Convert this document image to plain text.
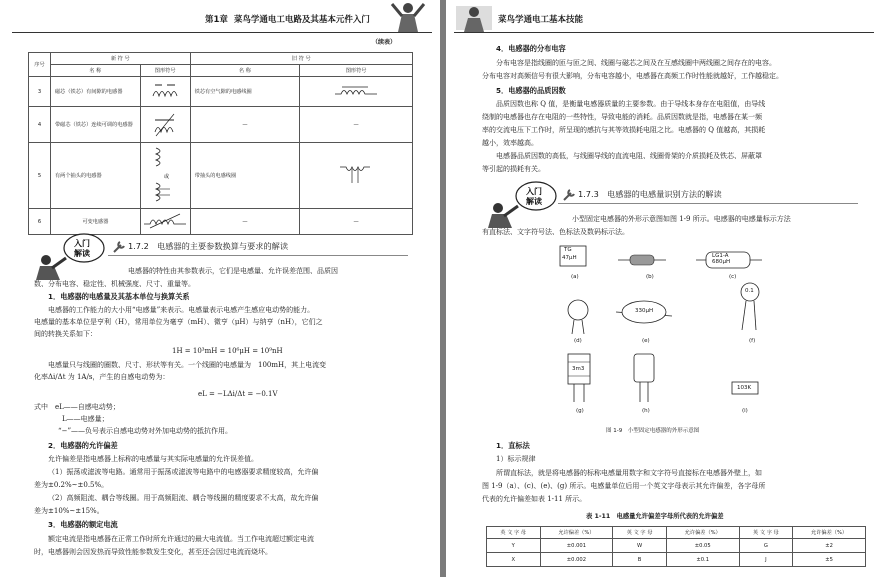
第1章 菜鸟学通电工电路及其基本元件入门
（续表）
序号	新 符 号		旧 符 号	
	名 称	图形符号	名 称	图形符号
3	磁芯（铁芯）有间隙的电感器		铁芯有空气隙的电感线圈	
4	带磁芯（铁芯）连续可调的电感器		—	—
5	有两个抽头的电感器	或	带抽头的电感线圈	
6	可变电感器		—	—
入门
解读
1.7.2　电感器的主要参数换算与要求的解读
电感器的特性由其参数表示，它们是电感量、允许误差范围、品质因
数、分布电容、稳定性、机械强度、尺寸、重量等。
1．电感器的电感量及其基本单位与换算关系
电感器的工作能力的大小用“电感量”来表示。电感量表示电感产生感应电动势的能力。
电感量的基本单位是亨利（H），常用单位为毫亨（mH）、微亨（μH）与纳亨（nH），它们之
间的转换关系如下：
1H = 10³mH = 10⁶μH = 10⁹nH
电感量只与线圈的圈数、尺寸、形状等有关。一个线圈的电感量为　100mH，其上电流变
化率Δi/Δt 为 1A/s，产生的自感电动势为：
eL = −LΔi/Δt = −0.1V
式中　eL——自感电动势；
L——电感量；
“−”——负号表示自感电动势对外加电动势的抵抗作用。
2．电感器的允许偏差
允许偏差是指电感器上标称的电感量与其实际电感量的允许误差值。
（1）振荡或滤波等电路。通常用于振荡或滤波等电路中的电感器要求精度较高，允许偏
差为±0.2%~±0.5%。
（2）高频阻流、耦合等线圈。用于高频阻流、耦合等线圈的精度要求不太高，故允许偏
差为±10%~±15%。
3．电感器的额定电流
额定电流是指电感器在正常工作时所允许通过的最大电流值。当工作电流超过额定电流
时，电感器则会因发热而导致性能参数发生变化，甚至还会因过电流而烧坏。
菜鸟学通电工基本技能
4．电感器的分布电容
分布电容是指线圈的匝与匝之间、线圈与磁芯之间及在互感线圈中两线圈之间存在的电容。
分布电容对高频信号有很大影响，分布电容越小，电感器在高频工作时性能就越好，工作越稳定。
5．电感器的品质因数
品质因数也称 Q 值，是衡量电感器质量的主要参数。由于导线本身存在电阻值，由导线
绕制的电感器也存在电阻的一些特性，导致电能的消耗。品质因数就是指，电感器在某一频
率的交流电压下工作时，所呈现的感抗与其等效损耗电阻之比。电感器的 Q 值越高，其损耗
越小，效率越高。
电感器品质因数的高低，与线圈导线的直流电阻、线圈骨架的介质损耗及铁芯、屏蔽罩
等引起的损耗有关。
入门
解读
1.7.3　电感器的电感量识别方法的解读
小型固定电感器的外形示意图如图 1-9 所示。电感器的电感量标示方法
有直标法、文字符号法、色标法及数码标示法。
TG
47μH	LG1-A
680μH
0.1
330μH
3m3
103K
(a)	(b)	(c)
(d)	(e)	(f)
(g)	(h)	(i)
图 1-9　小型固定电感器的外形示意图
1．直标法
1）标示规律
所谓直标法，就是将电感器的标称电感量用数字和文字符号直接标在电感器外壁上，如
图 1-9（a）、(c)、(e)、(g) 所示。电感量单位后用一个英文字母表示其允许偏差，各字母所
代表的允许偏差如表 1-11 所示。
表 1-11　电感量允许偏差字母所代表的允许偏差
英 文 字 母	允许偏差（%）	英 文 字 母	允许偏差（%）	英 文 字 母	允许偏差（%）
Y	±0.001	W	±0.05	G	±2
X	±0.002	B	±0.1	J	±5
